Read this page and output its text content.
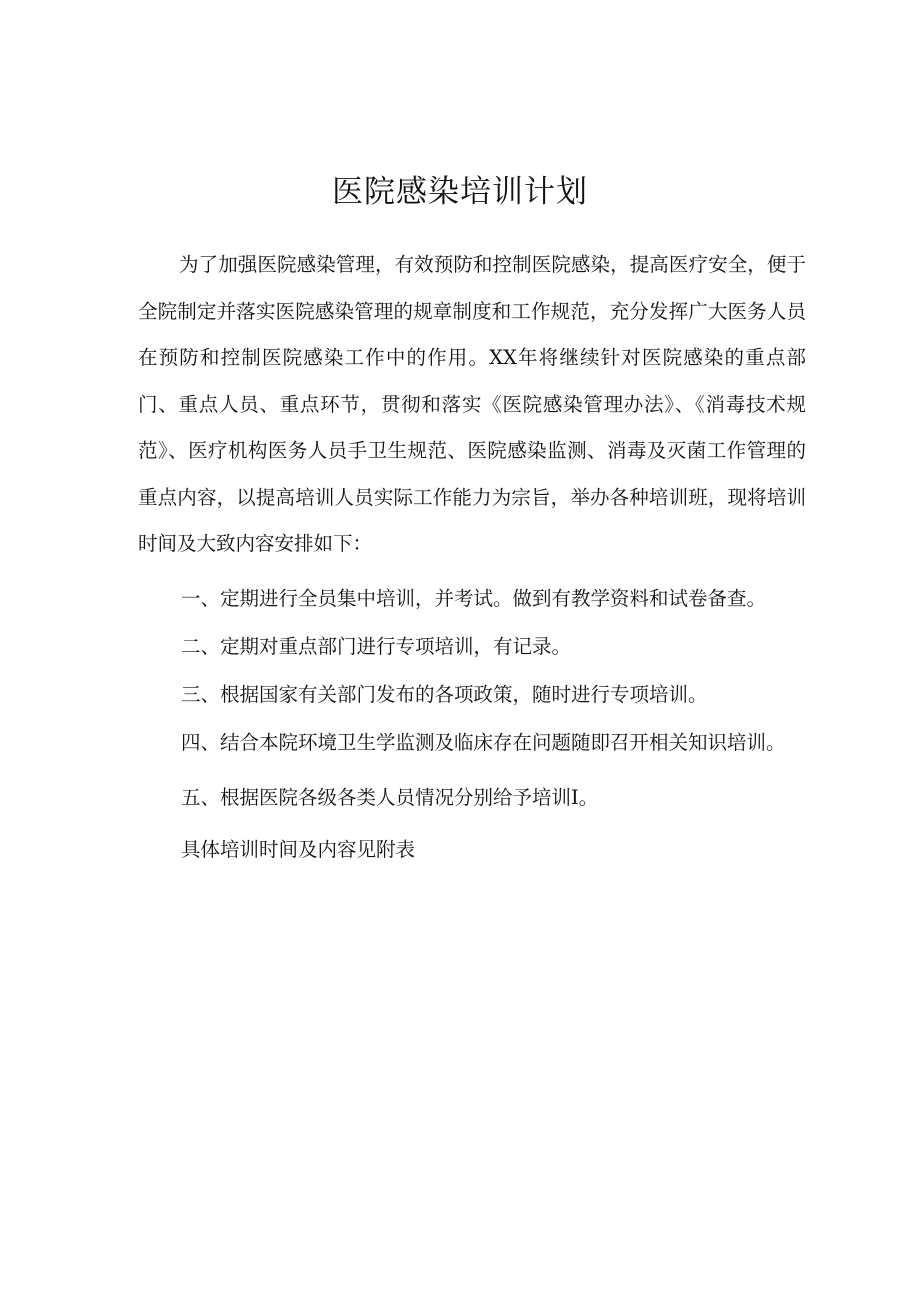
医院感染培训计划

为了加强医院感染管理，有效预防和控制医院感染，提高医疗安全，便于全院制定并落实医院感染管理的规章制度和工作规范，充分发挥广大医务人员在预防和控制医院感染工作中的作用。XX年将继续针对医院感染的重点部门、重点人员、重点环节，贯彻和落实《医院感染管理办法》、《消毒技术规范》、医疗机构医务人员手卫生规范、医院感染监测、消毒及灭菌工作管理的重点内容，以提高培训人员实际工作能力为宗旨，举办各种培训班，现将培训时间及大致内容安排如下：

一、定期进行全员集中培训，并考试。做到有教学资料和试卷备查。

二、定期对重点部门进行专项培训，有记录。

三、根据国家有关部门发布的各项政策，随时进行专项培训。

四、结合本院环境卫生学监测及临床存在问题随即召开相关知识培训。

五、根据医院各级各类人员情况分别给予培训I。

具体培训时间及内容见附表
